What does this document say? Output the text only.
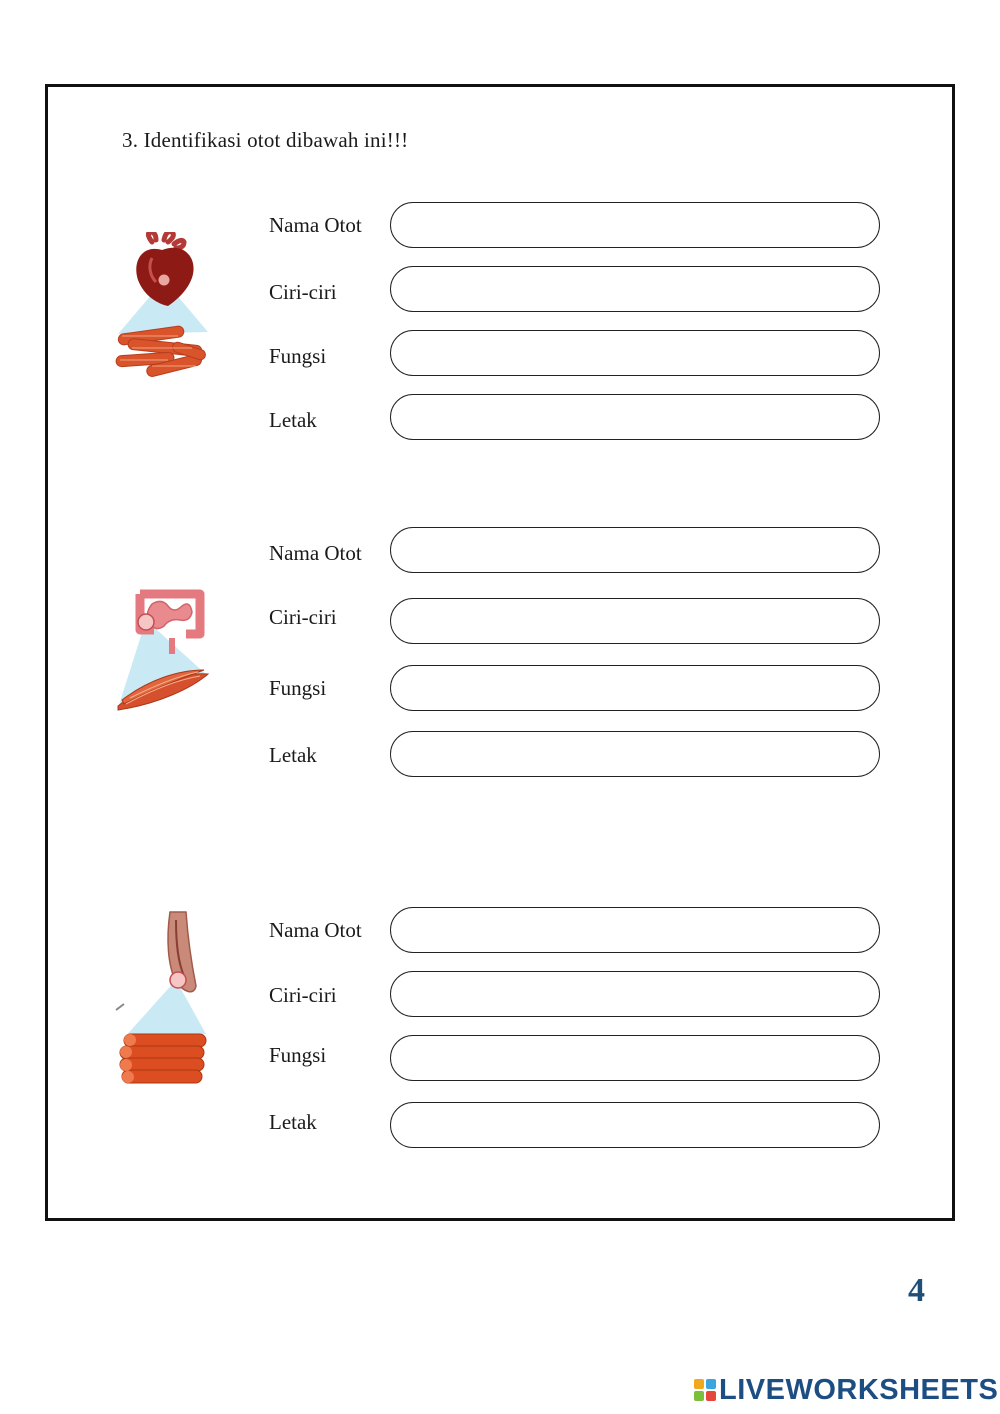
3. Identifikasi otot dibawah ini!!!
Nama Otot
Ciri-ciri
Fungsi
Letak
Nama Otot
Ciri-ciri
Fungsi
Letak
Nama Otot
Ciri-ciri
Fungsi
Letak
4
LIVEWORKSHEETS
